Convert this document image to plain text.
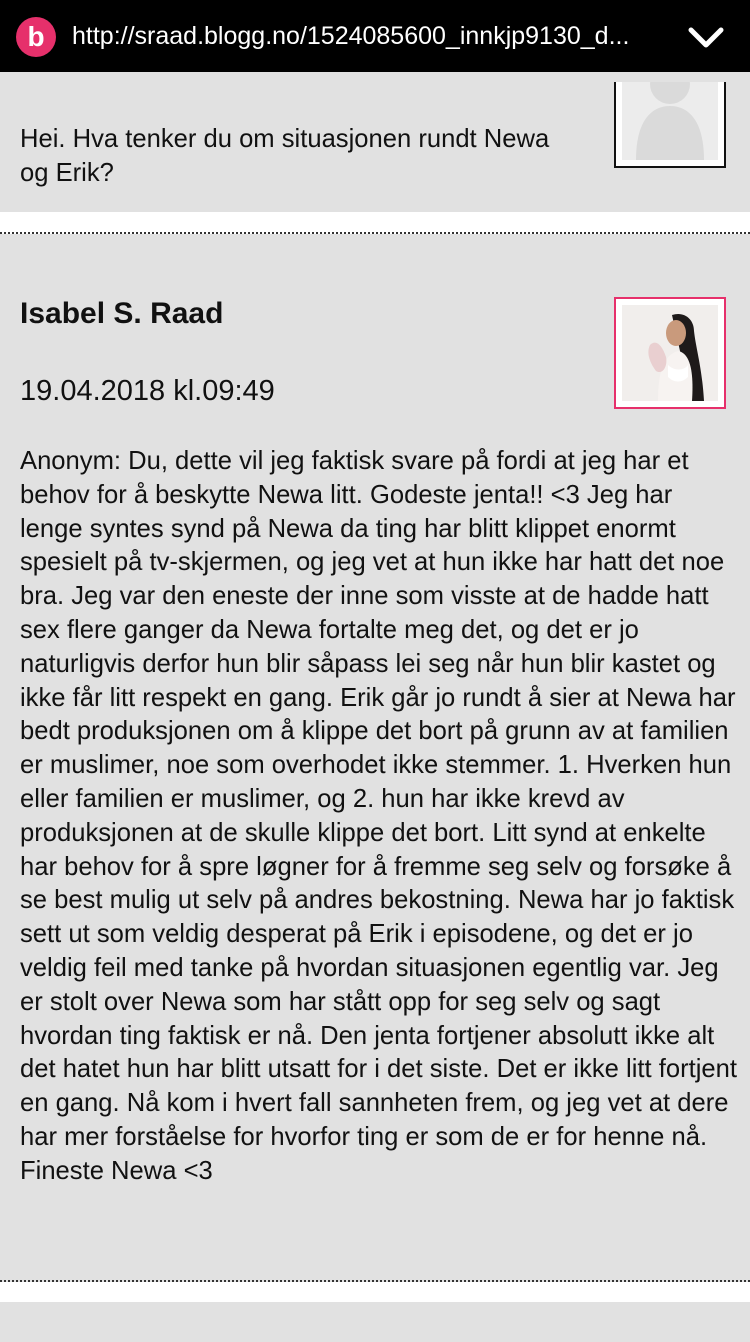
b http://sraad.blogg.no/1524085600_innkjp9130_d...
Hei. Hva tenker du om situasjonen rundt Newa og Erik?
Isabel S. Raad
19.04.2018 kl.09:49
Anonym: Du, dette vil jeg faktisk svare på fordi at jeg har et behov for å beskytte Newa litt. Godeste jenta!! <3 Jeg har lenge syntes synd på Newa da ting har blitt klippet enormt spesielt på tv-skjermen, og jeg vet at hun ikke har hatt det noe bra. Jeg var den eneste der inne som visste at de hadde hatt sex flere ganger da Newa fortalte meg det, og det er jo naturligvis derfor hun blir såpass lei seg når hun blir kastet og ikke får litt respekt en gang. Erik går jo rundt å sier at Newa har bedt produksjonen om å klippe det bort på grunn av at familien er muslimer, noe som overhodet ikke stemmer. 1. Hverken hun eller familien er muslimer, og 2. hun har ikke krevd av produksjonen at de skulle klippe det bort. Litt synd at enkelte har behov for å spre løgner for å fremme seg selv og forsøke å se best mulig ut selv på andres bekostning. Newa har jo faktisk sett ut som veldig desperat på Erik i episodene, og det er jo veldig feil med tanke på hvordan situasjonen egentlig var. Jeg er stolt over Newa som har stått opp for seg selv og sagt hvordan ting faktisk er nå. Den jenta fortjener absolutt ikke alt det hatet hun har blitt utsatt for i det siste. Det er ikke litt fortjent en gang. Nå kom i hvert fall sannheten frem, og jeg vet at dere har mer forståelse for hvorfor ting er som de er for henne nå. Fineste Newa <3
